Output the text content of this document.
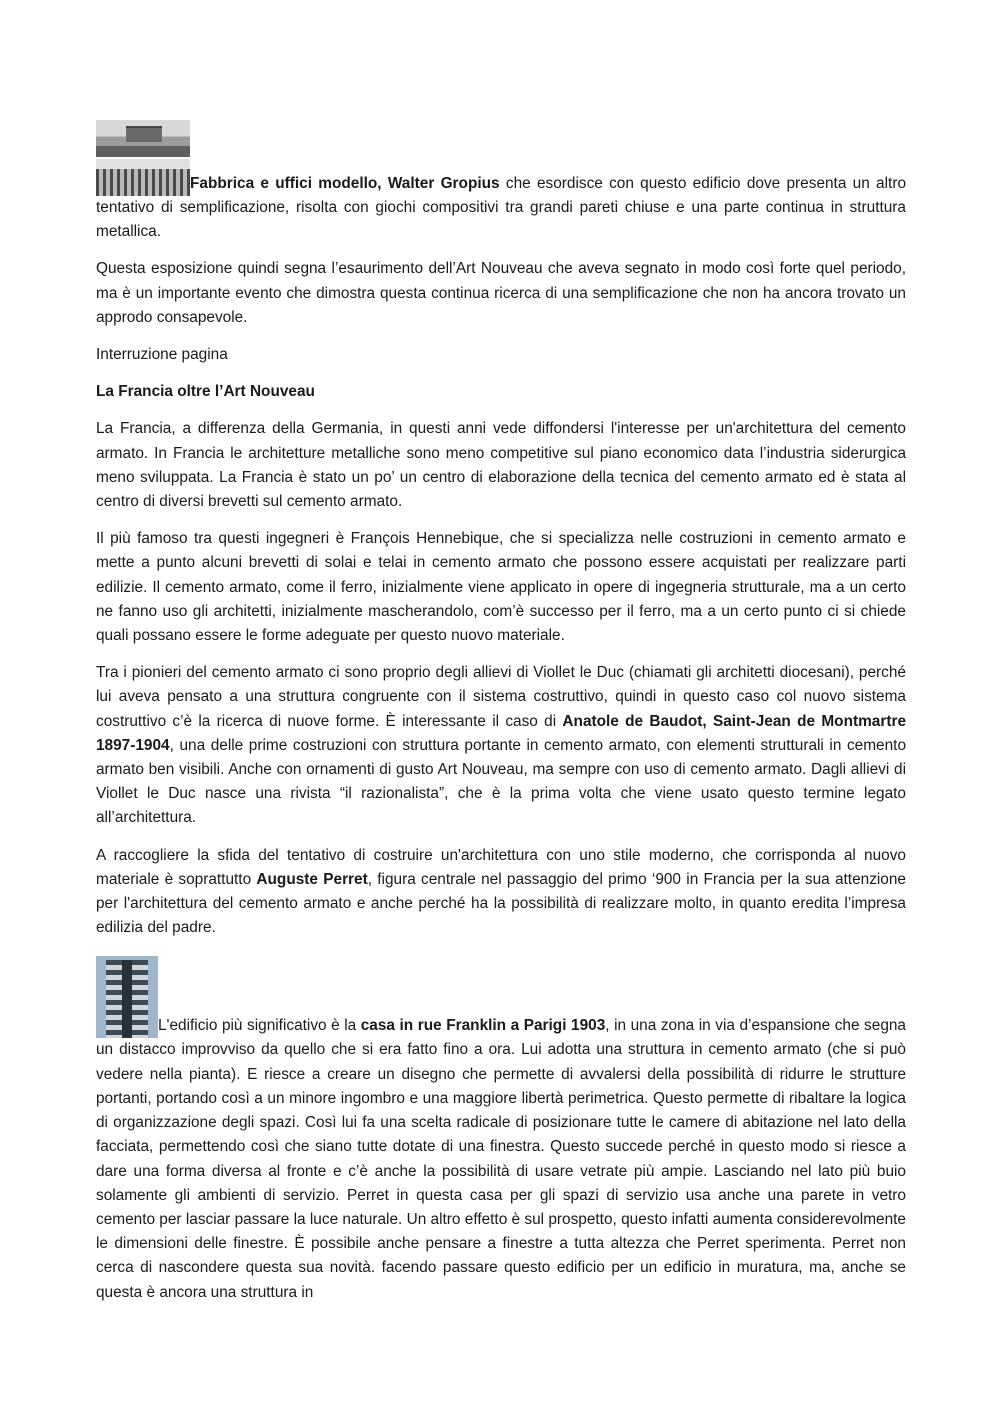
Fabbrica e uffici modello, Walter Gropius che esordisce con questo edificio dove presenta un altro tentativo di semplificazione, risolta con giochi compositivi tra grandi pareti chiuse e una parte continua in struttura metallica.

Questa esposizione quindi segna l’esaurimento dell’Art Nouveau che aveva segnato in modo così forte quel periodo, ma è un importante evento che dimostra questa continua ricerca di una semplificazione che non ha ancora trovato un approdo consapevole.

Interruzione pagina

La Francia oltre l’Art Nouveau

La Francia, a differenza della Germania, in questi anni vede diffondersi l'interesse per un'architettura del cemento armato. In Francia le architetture metalliche sono meno competitive sul piano economico data l’industria siderurgica meno sviluppata. La Francia è stato un po’ un centro di elaborazione della tecnica del cemento armato ed è stata al centro di diversi brevetti sul cemento armato.

Il più famoso tra questi ingegneri è François Hennebique, che si specializza nelle costruzioni in cemento armato e mette a punto alcuni brevetti di solai e telai in cemento armato che possono essere acquistati per realizzare parti edilizie. Il cemento armato, come il ferro, inizialmente viene applicato in opere di ingegneria strutturale, ma a un certo ne fanno uso gli architetti, inizialmente mascherandolo, com’è successo per il ferro, ma a un certo punto ci si chiede quali possano essere le forme adeguate per questo nuovo materiale.

Tra i pionieri del cemento armato ci sono proprio degli allievi di Viollet le Duc (chiamati gli architetti diocesani), perché lui aveva pensato a una struttura congruente con il sistema costruttivo, quindi in questo caso col nuovo sistema costruttivo c’è la ricerca di nuove forme. È interessante il caso di Anatole de Baudot, Saint-Jean de Montmartre 1897-1904, una delle prime costruzioni con struttura portante in cemento armato, con elementi strutturali in cemento armato ben visibili. Anche con ornamenti di gusto Art Nouveau, ma sempre con uso di cemento armato. Dagli allievi di Viollet le Duc nasce una rivista “il razionalista”, che è la prima volta che viene usato questo termine legato all’architettura.

A raccogliere la sfida del tentativo di costruire un'architettura con uno stile moderno, che corrisponda al nuovo materiale è soprattutto Auguste Perret, figura centrale nel passaggio del primo ‘900 in Francia per la sua attenzione per l'architettura del cemento armato e anche perché ha la possibilità di realizzare molto, in quanto eredita l’impresa edilizia del padre.

L'edificio più significativo è la casa in rue Franklin a Parigi 1903, in una zona in via d’espansione che segna un distacco improvviso da quello che si era fatto fino a ora. Lui adotta una struttura in cemento armato (che si può vedere nella pianta). E riesce a creare un disegno che permette di avvalersi della possibilità di ridurre le strutture portanti, portando così a un minore ingombro e una maggiore libertà perimetrica. Questo permette di ribaltare la logica di organizzazione degli spazi. Così lui fa una scelta radicale di posizionare tutte le camere di abitazione nel lato della facciata, permettendo così che siano tutte dotate di una finestra. Questo succede perché in questo modo si riesce a dare una forma diversa al fronte e c’è anche la possibilità di usare vetrate più ampie. Lasciando nel lato più buio solamente gli ambienti di servizio. Perret in questa casa per gli spazi di servizio usa anche una parete in vetro cemento per lasciar passare la luce naturale. Un altro effetto è sul prospetto, questo infatti aumenta considerevolmente le dimensioni delle finestre. È possibile anche pensare a finestre a tutta altezza che Perret sperimenta. Perret non cerca di nascondere questa sua novità. facendo passare questo edificio per un edificio in muratura, ma, anche se questa è ancora una struttura in
